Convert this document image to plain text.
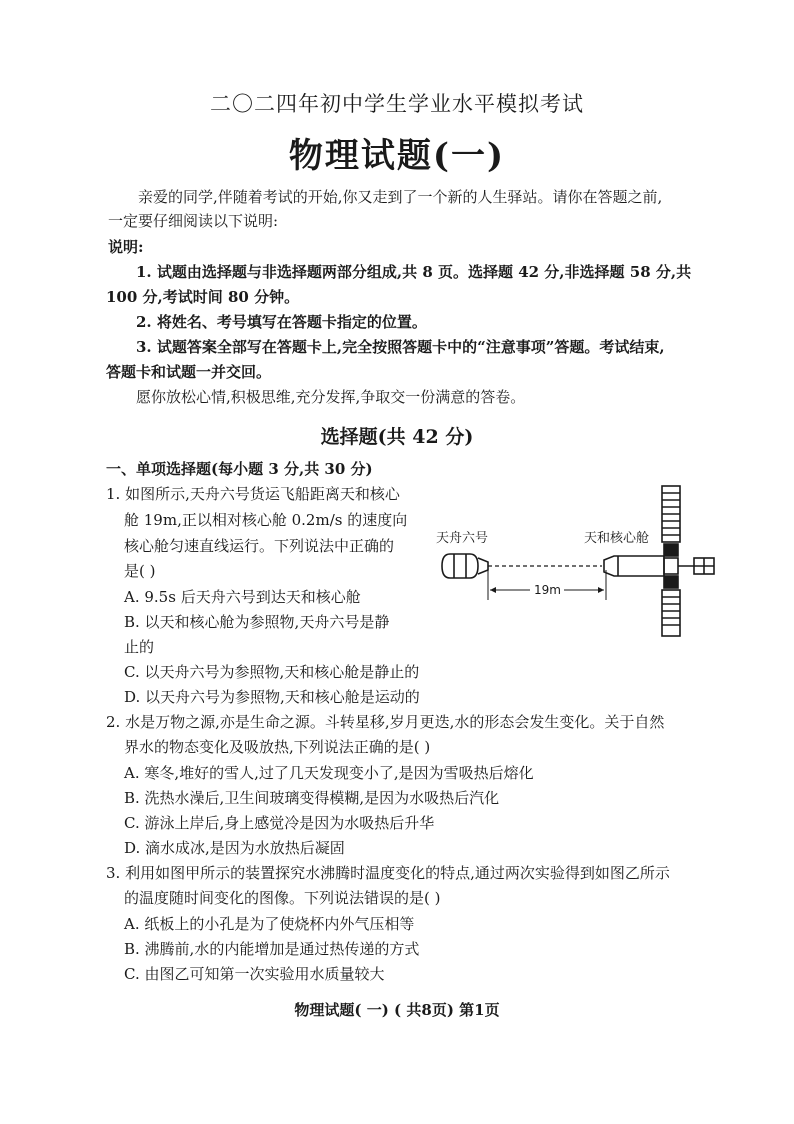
二〇二四年初中学生学业水平模拟考试
物理试题(一)
亲爱的同学,伴随着考试的开始,你又走到了一个新的人生驿站。请你在答题之前,
一定要仔细阅读以下说明:
说明:
1. 试题由选择题与非选择题两部分组成,共 8 页。选择题 42 分,非选择题 58 分,共
100 分,考试时间 80 分钟。
2. 将姓名、考号填写在答题卡指定的位置。
3. 试题答案全部写在答题卡上,完全按照答题卡中的“注意事项”答题。考试结束,
答题卡和试题一并交回。
愿你放松心情,积极思维,充分发挥,争取交一份满意的答卷。
选择题(共 42 分)
一、单项选择题(每小题 3 分,共 30 分)
1. 如图所示,天舟六号货运飞船距离天和核心
舱 19m,正以相对核心舱 0.2m/s 的速度向
核心舱匀速直线运行。下列说法中正确的
是( )
A. 9.5s 后天舟六号到达天和核心舱
B. 以天和核心舱为参照物,天舟六号是静
止的
C. 以天舟六号为参照物,天和核心舱是静止的
D. 以天舟六号为参照物,天和核心舱是运动的
天舟六号
19m
天和核心舱
2. 水是万物之源,亦是生命之源。斗转星移,岁月更迭,水的形态会发生变化。关于自然
界水的物态变化及吸放热,下列说法正确的是( )
A. 寒冬,堆好的雪人,过了几天发现变小了,是因为雪吸热后熔化
B. 洗热水澡后,卫生间玻璃变得模糊,是因为水吸热后汽化
C. 游泳上岸后,身上感觉冷是因为水吸热后升华
D. 滴水成冰,是因为水放热后凝固
3. 利用如图甲所示的装置探究水沸腾时温度变化的特点,通过两次实验得到如图乙所示
的温度随时间变化的图像。下列说法错误的是( )
A. 纸板上的小孔是为了使烧杯内外气压相等
B. 沸腾前,水的内能增加是通过热传递的方式
C. 由图乙可知第一次实验用水质量较大
物理试题( 一) ( 共8页) 第1页
